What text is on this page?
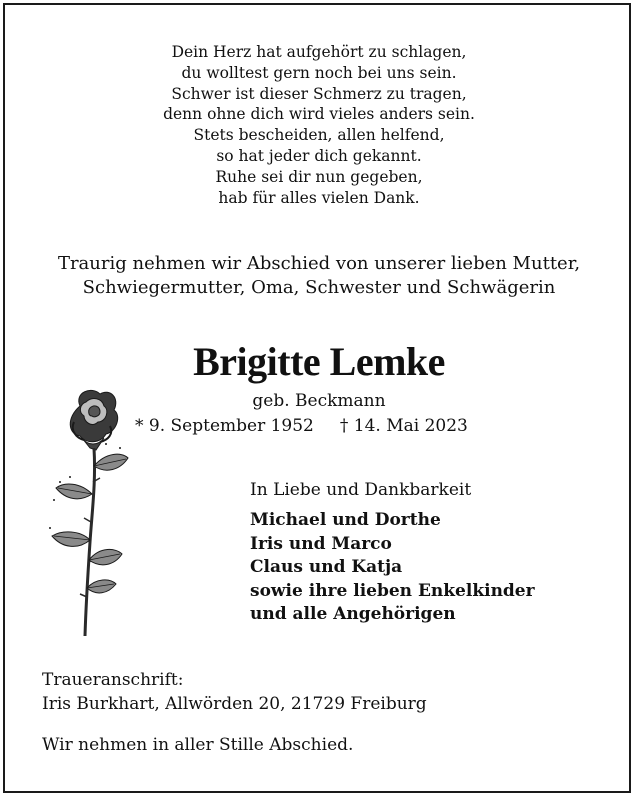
Dein Herz hat aufgehört zu schlagen,
du wolltest gern noch bei uns sein.
Schwer ist dieser Schmerz zu tragen,
denn ohne dich wird vieles anders sein.
Stets bescheiden, allen helfend,
so hat jeder dich gekannt.
Ruhe sei dir nun gegeben,
hab für alles vielen Dank.
Traurig nehmen wir Abschied von unserer lieben Mutter,
Schwiegermutter, Oma, Schwester und Schwägerin
Brigitte Lemke
geb. Beckmann
* 9. September 1952 † 14. Mai 2023
In Liebe und Dankbarkeit
Michael und Dorthe
Iris und Marco
Claus und Katja
sowie ihre lieben Enkelkinder
und alle Angehörigen
Traueranschrift:
Iris Burkhart, Allwörden 20, 21729 Freiburg
Wir nehmen in aller Stille Abschied.
